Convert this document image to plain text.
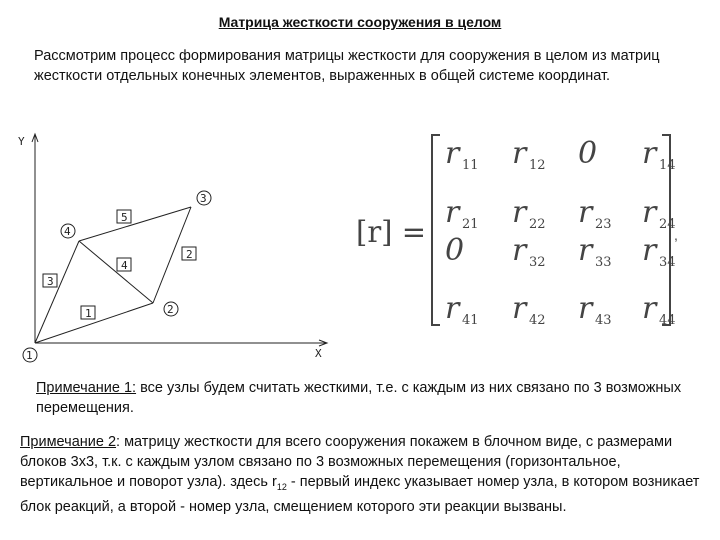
Матрица жесткости сооружения в целом
Рассмотрим процесс формирования матрицы жесткости для сооружения в целом из матриц жесткости отдельных конечных элементов, выраженных в общей системе координат.
Y
X
1
2
3
4
1
2
3
4
5	[r] =	,
r 11 r 12 0 r 14
r 21 r 22 r 23 r 24
0 r 32 r 33 r 34
r 41 r 42 r 43 r 44
Примечание 1: все узлы будем считать жесткими, т.е. с каждым из них связано по 3 возможных перемещения.
Примечание 2: матрицу жесткости для всего сооружения покажем в блочном виде, с размерами блоков 3х3, т.к. с каждым узлом связано по 3 возможных перемещения (горизонтальное, вертикальное и поворот узла). здесь $r_{12}$ - первый индекс указывает номер узла, в котором возникает блок реакций, а второй - номер узла, смещением которого эти реакции вызваны.
